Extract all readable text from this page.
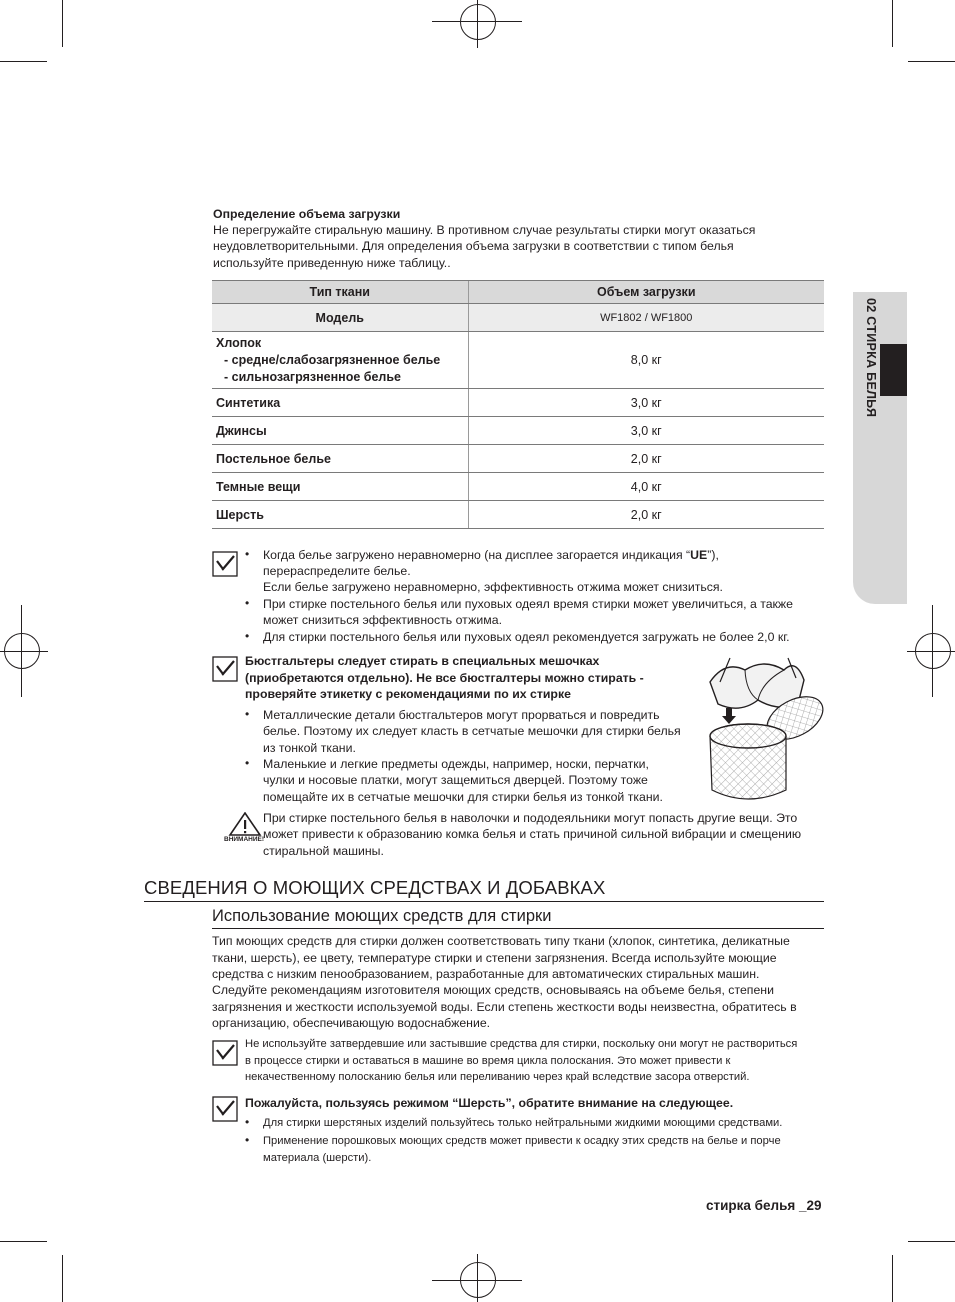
02 СТИРКА БЕЛЬЯ
Определение объема загрузки
Не перегружайте стиральную машину. В противном случае результаты стирки могут оказаться
неудовлетворительными. Для определения объема загрузки в соответствии с типом белья
используйте приведенную ниже таблицу..
Тип ткани	Объем загрузки
Модель	WF1802 / WF1800

Хлопок
- средне/слабозагрязненное белье
- сильнозагрязненное белье	8,0 кг
Синтетика	3,0 кг
Джинсы	3,0 кг
Постельное белье	2,0 кг
Темные вещи	4,0 кг
Шерсть	2,0 кг
• Когда белье загружено неравномерно (на дисплее загорается индикация “UE”),
перераспределите белье.
Если белье загружено неравномерно, эффективность отжима может снизиться.
• При стирке постельного белья или пуховых одеял время стирки может увеличиться, а также
может снизиться эффективность отжима.
• Для стирки постельного белья или пуховых одеял рекомендуется загружать не более 2,0 кг.
Бюстгальтеры следует стирать в специальных мешочках
(приобретаются отдельно). Не все бюстгалтеры можно стирать -
проверяйте этикетку с рекомендациями по их стирке
• Металлические детали бюстгальтеров могут прорваться и повредить
белье. Поэтому их следует класть в сетчатые мешочки для стирки белья
из тонкой ткани.
• Маленькие и легкие предметы одежды, например, носки, перчатки,
чулки и носовые платки, могут защемиться дверцей. Поэтому тоже
помещайте их в сетчатые мешочки для стирки белья из тонкой ткани.
ВНИМАНИЕ!
При стирке постельного белья в наволочки и пододеяльники могут попасть другие вещи. Это
может привести к образованию комка белья и стать причиной сильной вибрации и смещению
стиральной машины.
СВЕДЕНИЯ О МОЮЩИХ СРЕДСТВАХ И ДОБАВКАХ
Использование моющих средств для стирки
Тип моющих средств для стирки должен соответствовать типу ткани (хлопок, синтетика, деликатные
ткани, шерсть), ее цвету, температуре стирки и степени загрязнения. Всегда используйте моющие
средства с низким пенообразованием, разработанные для автоматических стиральных машин.
Следуйте рекомендациям изготовителя моющих средств, основываясь на объеме белья, степени
загрязнения и жесткости используемой воды. Если степень жесткости воды неизвестна, обратитесь в
организацию, обеспечивающую водоснабжение.
Не используйте затвердевшие или застывшие средства для стирки, поскольку они могут не раствориться
в процессе стирки и оставаться в машине во время цикла полоскания. Это может привести к
некачественному полосканию белья или переливанию через край вследствие засора отверстий.
Пожалуйста, пользуясь режимом “Шерсть”, обратите внимание на следующее.
• Для стирки шерстяных изделий пользуйтесь только нейтральными жидкими моющими средствами.
• Применение порошковых моющих средств может привести к осадку этих средств на белье и порче
материала (шерсти).
стирка белья _29
